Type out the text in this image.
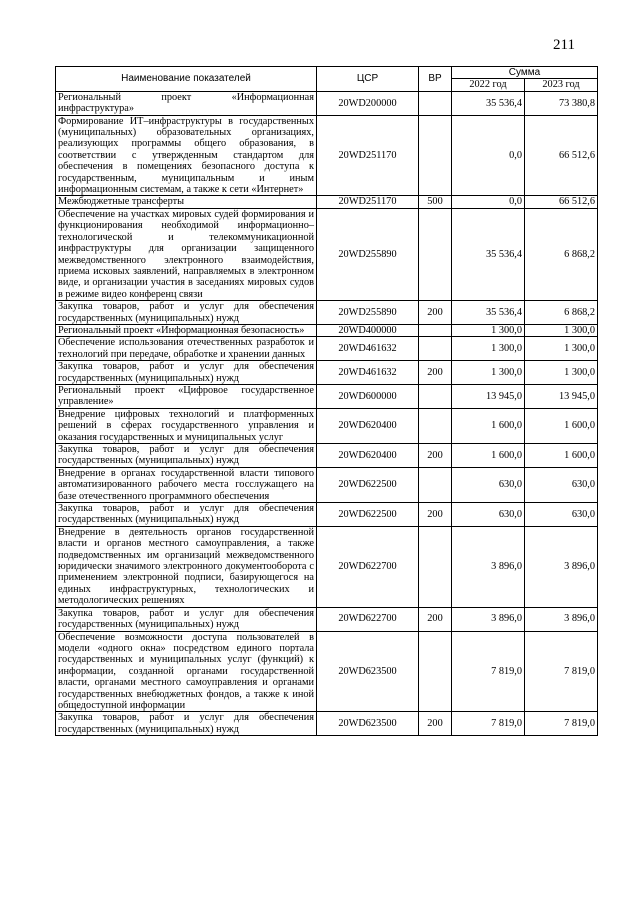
211
Наименование показателей	ЦСР	ВР	Сумма	
			2022 год	2023 год
Региональный проект «Информационная инфраструктура»	20WD200000		35 536,4	73 380,8
Формирование ИТ–инфраструктуры в государственных (муниципальных) образовательных организациях, реализующих программы общего образования, в соответствии с утвержденным стандартом для обеспечения в помещениях безопасного доступа к государственным, муниципальным и иным информационным системам, а также к сети «Интернет»	20WD251170		0,0	66 512,6
Межбюджетные трансферты	20WD251170	500	0,0	66 512,6
Обеспечение на участках мировых судей формирования и функционирования необходимой информационно–технологической и телекоммуникационной инфраструктуры для организации защищенного межведомственного электронного взаимодействия, приема исковых заявлений, направляемых в электронном виде, и организации участия в заседаниях мировых судов в режиме видео конференц связи	20WD255890		35 536,4	6 868,2
Закупка товаров, работ и услуг для обеспечения государственных (муниципальных) нужд	20WD255890	200	35 536,4	6 868,2
Региональный проект «Информационная безопасность»	20WD400000		1 300,0	1 300,0
Обеспечение использования отечественных разработок и технологий при передаче, обработке и хранении данных	20WD461632		1 300,0	1 300,0
Закупка товаров, работ и услуг для обеспечения государственных (муниципальных) нужд	20WD461632	200	1 300,0	1 300,0
Региональный проект «Цифровое государственное управление»	20WD600000		13 945,0	13 945,0
Внедрение цифровых технологий и платформенных решений в сферах государственного управления и оказания государственных и муниципальных услуг	20WD620400		1 600,0	1 600,0
Закупка товаров, работ и услуг для обеспечения государственных (муниципальных) нужд	20WD620400	200	1 600,0	1 600,0
Внедрение в органах государственной власти типового автоматизированного рабочего места госслужащего на базе отечественного программного обеспечения	20WD622500		630,0	630,0
Закупка товаров, работ и услуг для обеспечения государственных (муниципальных) нужд	20WD622500	200	630,0	630,0
Внедрение в деятельность органов государственной власти и органов местного самоуправления, а также подведомственных им организаций межведомственного юридически значимого электронного документооборота с применением электронной подписи, базирующегося на единых инфраструктурных, технологических и методологических решениях	20WD622700		3 896,0	3 896,0
Закупка товаров, работ и услуг для обеспечения государственных (муниципальных) нужд	20WD622700	200	3 896,0	3 896,0
Обеспечение возможности доступа пользователей в модели «одного окна» посредством единого портала государственных и муниципальных услуг (функций) к информации, созданной органами государственной власти, органами местного самоуправления и органами государственных внебюджетных фондов, а также к иной общедоступной информации	20WD623500		7 819,0	7 819,0
Закупка товаров, работ и услуг для обеспечения государственных (муниципальных) нужд	20WD623500	200	7 819,0	7 819,0
